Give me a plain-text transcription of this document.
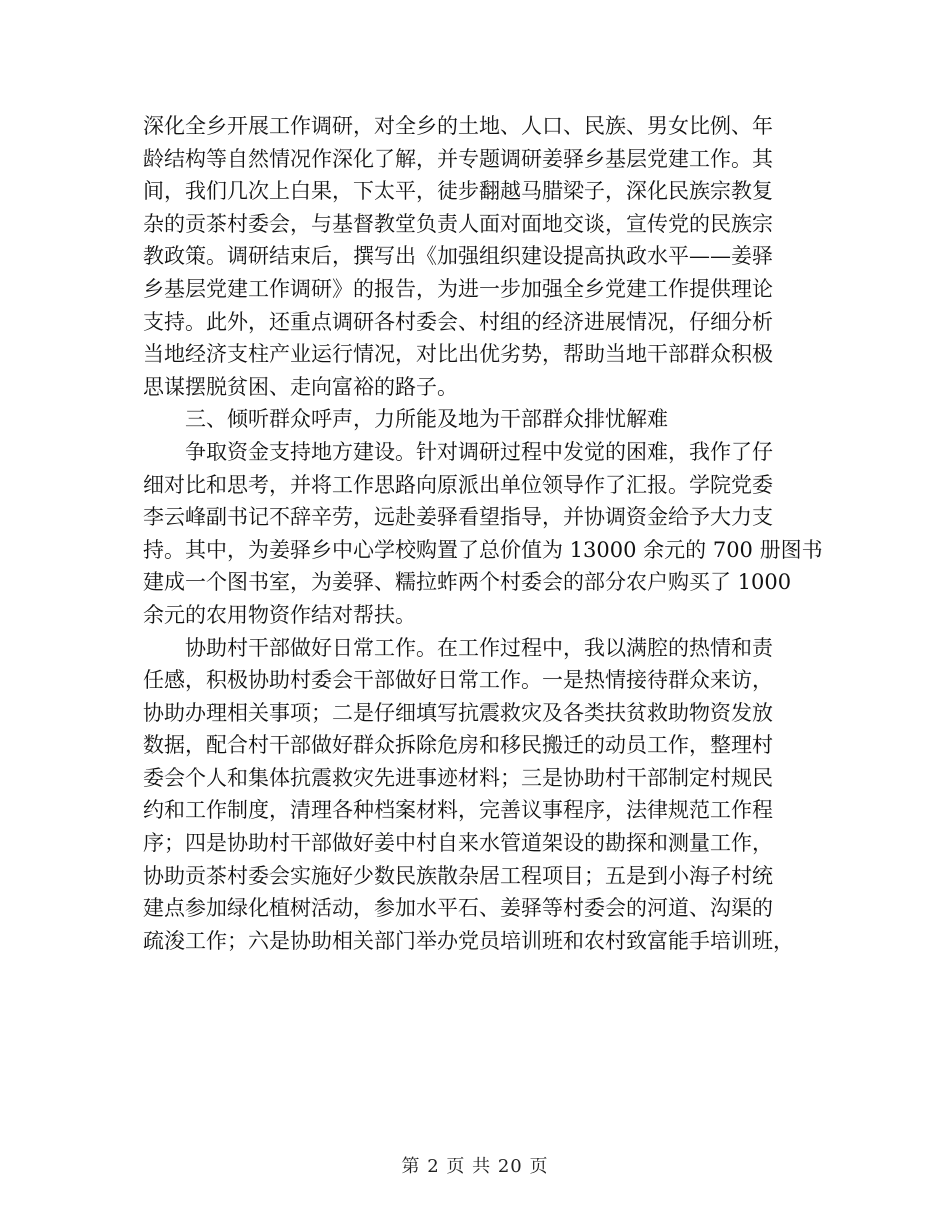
深化全乡开展工作调研，对全乡的土地、人口、民族、男女比例、年
龄结构等自然情况作深化了解，并专题调研姜驿乡基层党建工作。其
间，我们几次上白果，下太平，徒步翻越马腊梁子，深化民族宗教复
杂的贡茶村委会，与基督教堂负责人面对面地交谈，宣传党的民族宗
教政策。调研结束后，撰写出《加强组织建设提高执政水平——姜驿
乡基层党建工作调研》的报告，为进一步加强全乡党建工作提供理论
支持。此外，还重点调研各村委会、村组的经济进展情况，仔细分析
当地经济支柱产业运行情况，对比出优劣势，帮助当地干部群众积极
思谋摆脱贫困、走向富裕的路子。
三、倾听群众呼声，力所能及地为干部群众排忧解难
争取资金支持地方建设。针对调研过程中发觉的困难，我作了仔
细对比和思考，并将工作思路向原派出单位领导作了汇报。学院党委
李云峰副书记不辞辛劳，远赴姜驿看望指导，并协调资金给予大力支
持。其中，为姜驿乡中心学校购置了总价值为 13000 余元的 700 册图书
建成一个图书室，为姜驿、糯拉蚱两个村委会的部分农户购买了 1000
余元的农用物资作结对帮扶。
协助村干部做好日常工作。在工作过程中，我以满腔的热情和责
任感，积极协助村委会干部做好日常工作。一是热情接待群众来访，
协助办理相关事项；二是仔细填写抗震救灾及各类扶贫救助物资发放
数据，配合村干部做好群众拆除危房和移民搬迁的动员工作，整理村
委会个人和集体抗震救灾先进事迹材料；三是协助村干部制定村规民
约和工作制度，清理各种档案材料，完善议事程序，法律规范工作程
序；四是协助村干部做好姜中村自来水管道架设的勘探和测量工作，
协助贡茶村委会实施好少数民族散杂居工程项目；五是到小海子村统
建点参加绿化植树活动，参加水平石、姜驿等村委会的河道、沟渠的
疏浚工作；六是协助相关部门举办党员培训班和农村致富能手培训班，
第 2 页 共 20 页
